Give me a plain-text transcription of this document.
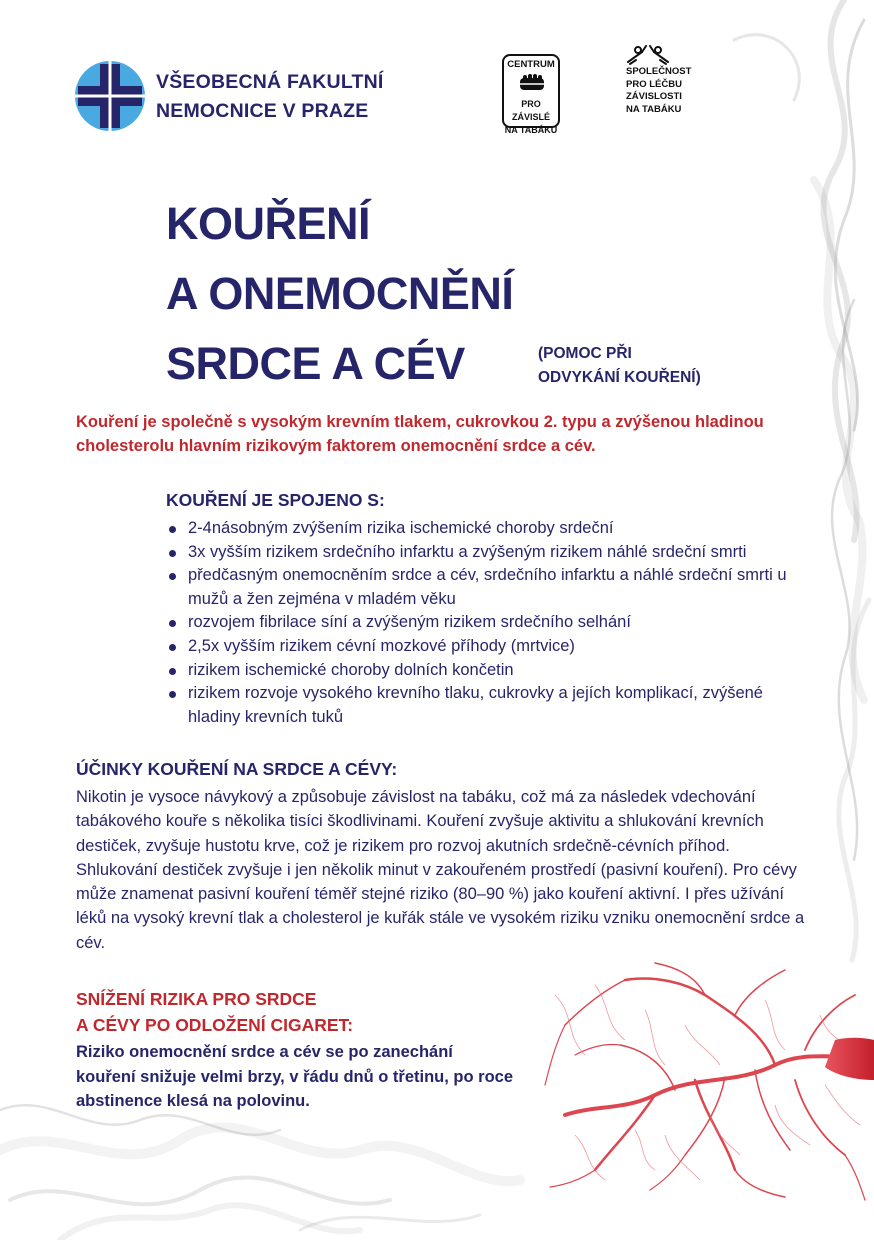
VŠEOBECNÁ FAKULTNÍ
NEMOCNICE V PRAZE
CENTRUM
PRO ZÁVISLÉ
NA TABÁKU
SPOLEČNOST
PRO LÉČBU
ZÁVISLOSTI
NA TABÁKU
KOUŘENÍ
A ONEMOCNĚNÍ
SRDCE A CÉV	(POMOC PŘI
ODVYKÁNÍ KOUŘENÍ)

Kouření je společně s vysokým krevním tlakem, cukrovkou 2. typu a zvýšenou hladinou cholesterolu hlavním rizikovým faktorem onemocnění srdce a cév.

KOUŘENÍ JE SPOJENO S:
2-4násobným zvýšením rizika ischemické choroby srdeční
3x vyšším rizikem srdečního infarktu a zvýšeným rizikem náhlé srdeční smrti
předčasným onemocněním srdce a cév, srdečního infarktu a náhlé srdeční smrti u mužů a žen zejména v mladém věku
rozvojem fibrilace síní a zvýšeným rizikem srdečního selhání
2,5x vyšším rizikem cévní mozkové příhody (mrtvice)
rizikem ischemické choroby dolních končetin
rizikem rozvoje vysokého krevního tlaku, cukrovky a jejích komplikací, zvýšené hladiny krevních tuků
ÚČINKY KOUŘENÍ NA SRDCE A CÉVY:

Nikotin je vysoce návykový a způsobuje závislost na tabáku, což má za následek vdechování tabákového kouře s několika tisíci škodlivinami. Kouření zvyšuje aktivitu a shlukování krevních destiček, zvyšuje hustotu krve, což je rizikem pro rozvoj akutních srdečně-cévních příhod. Shlukování destiček zvyšuje i jen několik minut v zakouřeném prostředí (pasivní kouření). Pro cévy může znamenat pasivní kouření téměř stejné riziko (80–90 %) jako kouření aktivní. I přes užívání léků na vysoký krevní tlak a cholesterol je kuřák stále ve vysokém riziku vzniku onemocnění srdce a cév.

SNÍŽENÍ RIZIKA PRO SRDCE
A CÉVY PO ODLOŽENÍ CIGARET:

Riziko onemocnění srdce a cév se po zanechání kouření snižuje velmi brzy, v řádu dnů o třetinu, po roce abstinence klesá na polovinu.
